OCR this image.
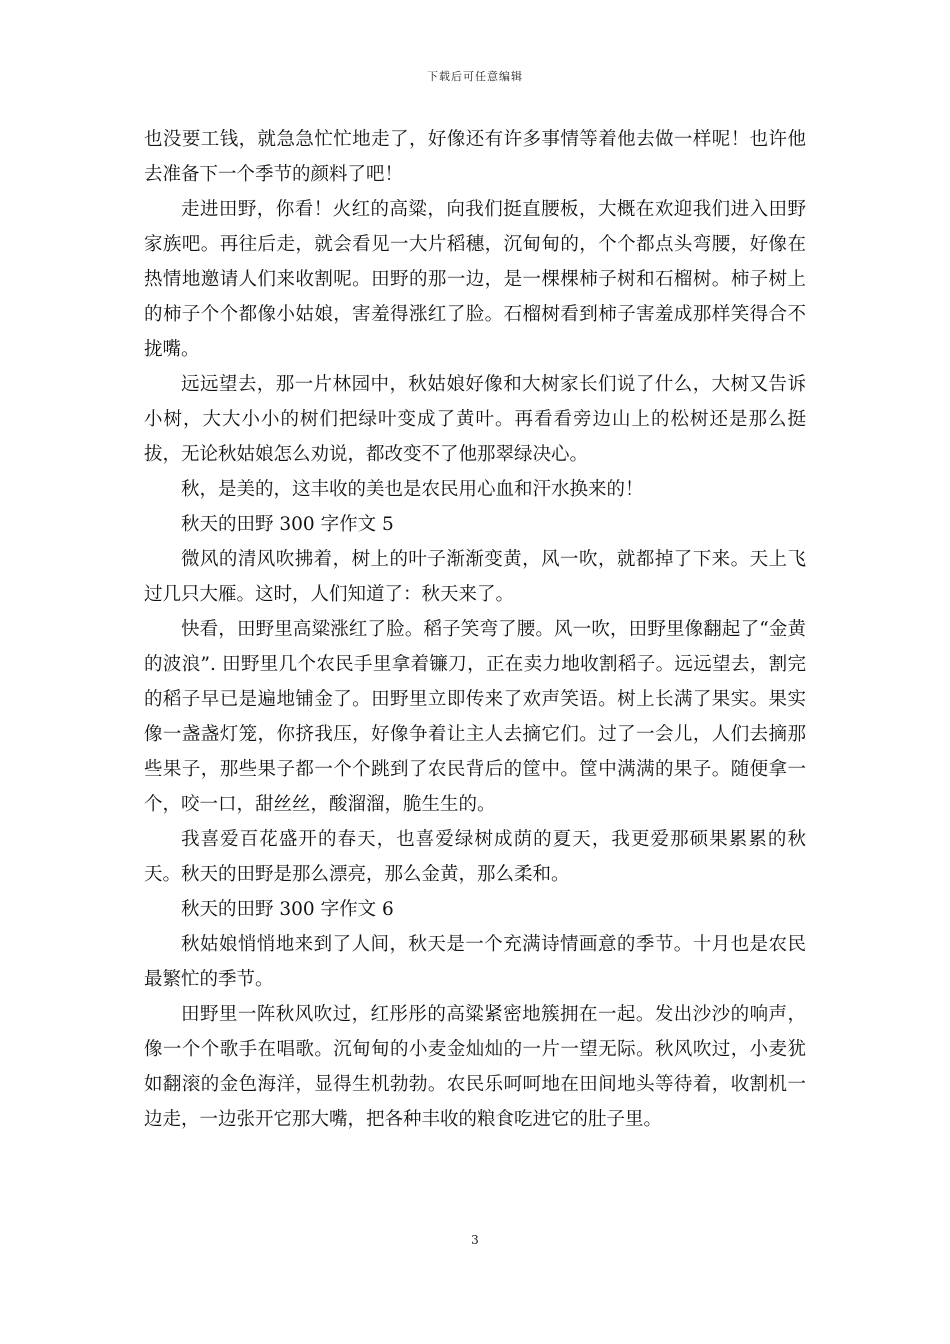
下载后可任意编辑

也没要工钱，就急急忙忙地走了，好像还有许多事情等着他去做一样呢！也许他去准备下一个季节的颜料了吧！

走进田野，你看！火红的高粱，向我们挺直腰板，大概在欢迎我们进入田野家族吧。再往后走，就会看见一大片稻穗，沉甸甸的，个个都点头弯腰，好像在热情地邀请人们来收割呢。田野的那一边，是一棵棵柿子树和石榴树。柿子树上的柿子个个都像小姑娘，害羞得涨红了脸。石榴树看到柿子害羞成那样笑得合不拢嘴。

远远望去，那一片林园中，秋姑娘好像和大树家长们说了什么，大树又告诉小树，大大小小的树们把绿叶变成了黄叶。再看看旁边山上的松树还是那么挺拔，无论秋姑娘怎么劝说，都改变不了他那翠绿决心。

秋，是美的，这丰收的美也是农民用心血和汗水换来的！

秋天的田野 300 字作文 5

微风的清风吹拂着，树上的叶子渐渐变黄，风一吹，就都掉了下来。天上飞过几只大雁。这时，人们知道了：秋天来了。

快看，田野里高粱涨红了脸。稻子笑弯了腰。风一吹，田野里像翻起了“金黄的波浪”. 田野里几个农民手里拿着镰刀，正在卖力地收割稻子。远远望去，割完的稻子早已是遍地铺金了。田野里立即传来了欢声笑语。树上长满了果实。果实像一盏盏灯笼，你挤我压，好像争着让主人去摘它们。过了一会儿，人们去摘那些果子，那些果子都一个个跳到了农民背后的筐中。筐中满满的果子。随便拿一个，咬一口，甜丝丝，酸溜溜，脆生生的。

我喜爱百花盛开的春天，也喜爱绿树成荫的夏天，我更爱那硕果累累的秋天。秋天的田野是那么漂亮，那么金黄，那么柔和。

秋天的田野 300 字作文 6

秋姑娘悄悄地来到了人间，秋天是一个充满诗情画意的季节。十月也是农民最繁忙的季节。

田野里一阵秋风吹过，红彤彤的高粱紧密地簇拥在一起。发出沙沙的响声，像一个个歌手在唱歌。沉甸甸的小麦金灿灿的一片一望无际。秋风吹过，小麦犹如翻滚的金色海洋，显得生机勃勃。农民乐呵呵地在田间地头等待着，收割机一边走，一边张开它那大嘴，把各种丰收的粮食吃进它的肚子里。

3
